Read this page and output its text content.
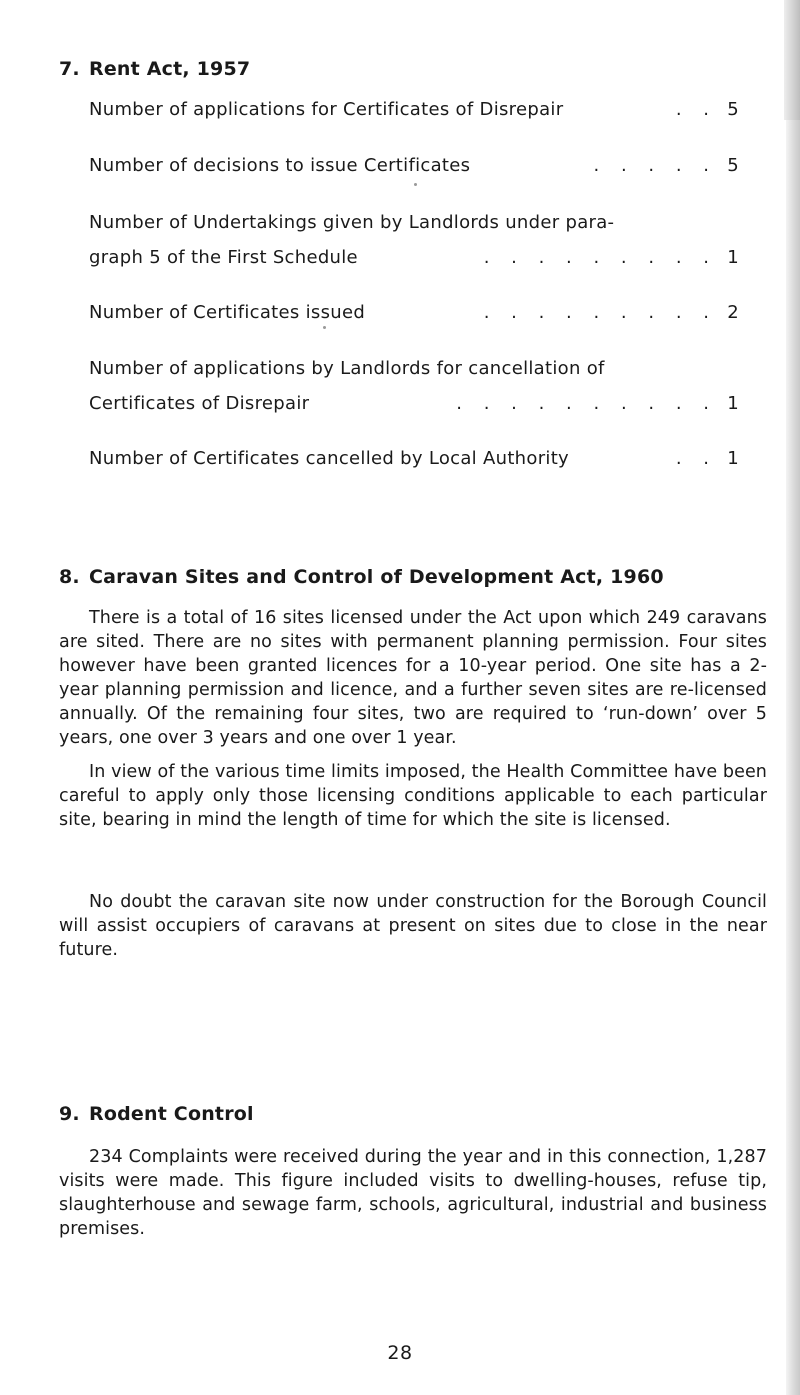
7. Rent Act, 1957
Number of applications for Certificates of Disrepair	. . 5
Number of decisions to issue Certificates	. . . . . 5
Number of Undertakings given by Landlords under para-
graph 5 of the First Schedule	. . . . . . . . . 1
Number of Certificates issued	. . . . . . . . . 2
Number of applications by Landlords for cancellation of
Certificates of Disrepair	. . . . . . . . . . 1
Number of Certificates cancelled by Local Authority	. . 1
8. Caravan Sites and Control of Development Act, 1960

There is a total of 16 sites licensed under the Act upon which 249 caravans are sited. There are no sites with permanent planning permission. Four sites however have been granted licences for a 10-year period. One site has a 2-year planning permission and licence, and a further seven sites are re-licensed annually. Of the remaining four sites, two are required to ‘run-down’ over 5 years, one over 3 years and one over 1 year.

In view of the various time limits imposed, the Health Committee have been careful to apply only those licensing conditions applicable to each particular site, bearing in mind the length of time for which the site is licensed.

No doubt the caravan site now under construction for the Borough Council will assist occupiers of caravans at present on sites due to close in the near future.

9. Rodent Control

234 Complaints were received during the year and in this connection, 1,287 visits were made. This figure included visits to dwelling-houses, refuse tip, slaughterhouse and sewage farm, schools, agricultural, industrial and business premises.

28
